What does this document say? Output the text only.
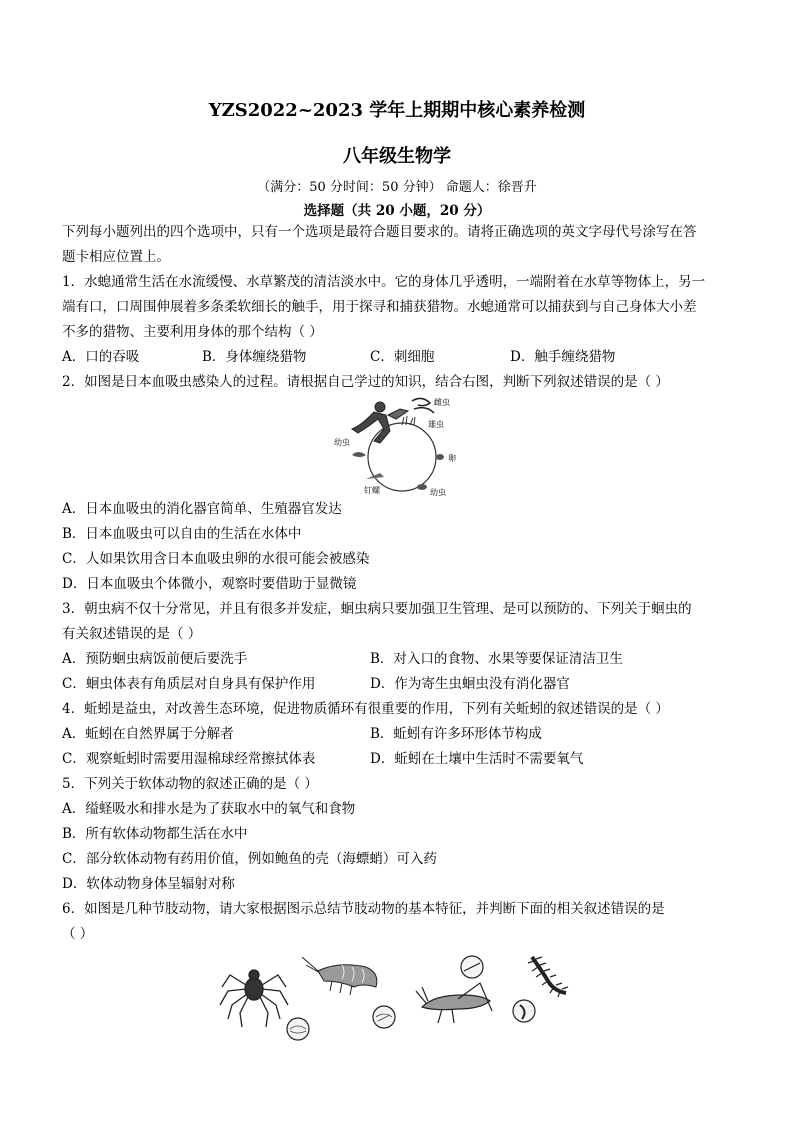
YZS2022~2023 学年上期期中核心素养检测
八年级生物学
（满分：50 分时间：50 分钟） 命题人：徐晋升
选择题（共 20 小题，20 分）

下列每小题列出的四个选项中，只有一个选项是最符合题目要求的。请将正确选项的英文字母代号涂写在答

题卡相应位置上。

1．水螅通常生活在水流缓慢、水草繁茂的清洁淡水中。它的身体几乎透明，一端附着在水草等物体上，另一

端有口，口周围伸展着多条柔软细长的触手，用于探寻和捕获猎物。水螅通常可以捕获到与自己身体大小差

不多的猎物、主要利用身体的那个结构（ ）

A．口的吞吸	B．身体缠绕猎物	C．刺细胞	D．触手缠绕猎物

2．如图是日本血吸虫感染人的过程。请根据自己学过的知识，结合右图，判断下列叙述错误的是（ ）

雌虫
雄虫
幼虫
卵
钉螺	幼虫

A．日本血吸虫的消化器官简单、生殖器官发达

B．日本血吸虫可以自由的生活在水体中

C．人如果饮用含日本血吸虫卵的水很可能会被感染

D．日本血吸虫个体微小，观察时要借助于显微镜

3．朝虫病不仅十分常见，并且有很多并发症，蛔虫病只要加强卫生管理、是可以预防的、下列关于蛔虫的

有关叙述错误的是（ ）

A．预防蛔虫病饭前便后要洗手	B．对入口的食物、水果等要保证清洁卫生
C．蛔虫体表有角质层对自身具有保护作用	D．作为寄生虫蛔虫没有消化器官

4．蚯蚓是益虫，对改善生态环境，促进物质循环有很重要的作用，下列有关蚯蚓的叙述错误的是（ ）

A．蚯蚓在自然界属于分解者	B．蚯蚓有许多环形体节构成
C．观察蚯蚓时需要用湿棉球经常擦拭体表	D．蚯蚓在土壤中生活时不需要氧气

5．下列关于软体动物的叙述正确的是（ ）

A．缢蛏吸水和排水是为了获取水中的氧气和食物

B．所有软体动物都生活在水中

C．部分软体动物有药用价值，例如鲍鱼的壳（海螵蛸）可入药

D．软体动物身体呈辐射对称

6．如图是几种节肢动物，请大家根据图示总结节肢动物的基本特征，并判断下面的相关叙述错误的是

（ ）
